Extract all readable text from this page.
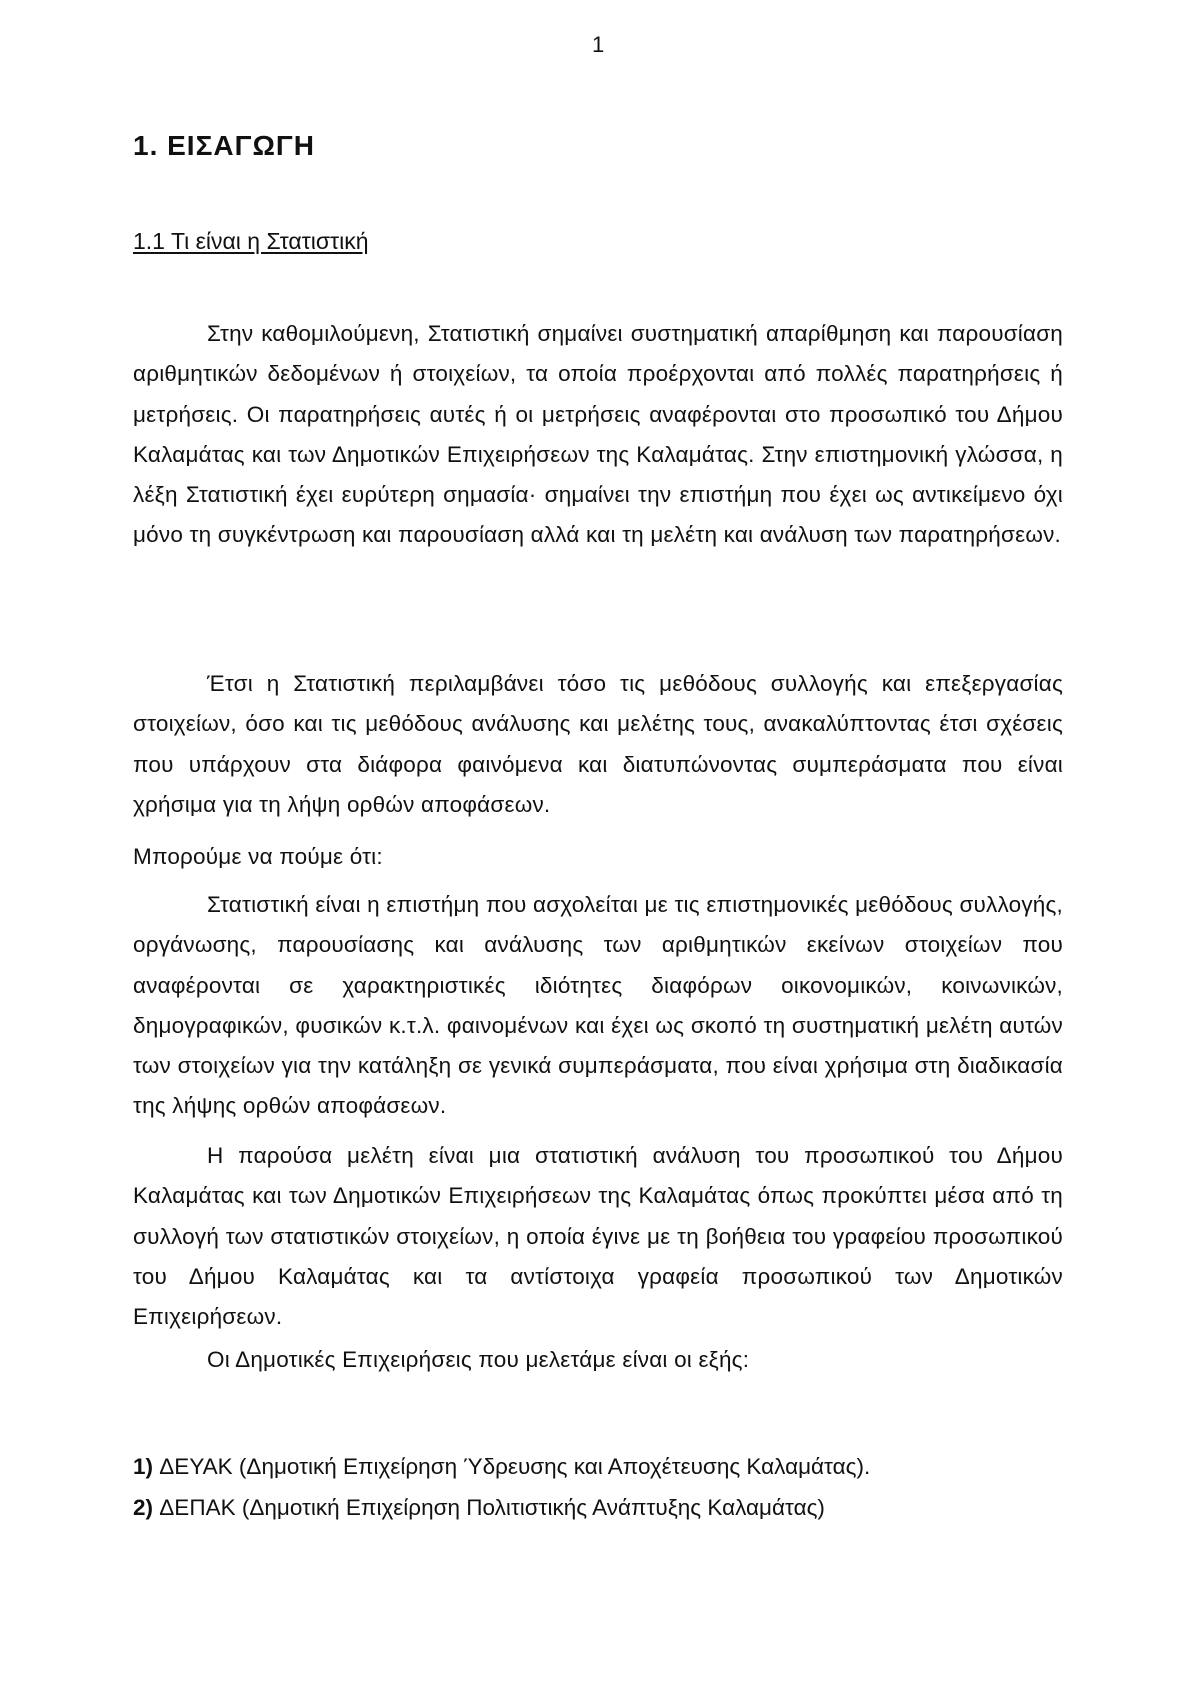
1
1. ΕΙΣΑΓΩΓΗ
1.1 Τι είναι η Στατιστική

Στην καθομιλούμενη, Στατιστική σημαίνει συστηματική απαρίθμηση και παρουσίαση αριθμητικών δεδομένων ή στοιχείων, τα οποία προέρχονται από πολλές παρατηρήσεις ή μετρήσεις. Οι παρατηρήσεις αυτές ή οι μετρήσεις αναφέρονται στο προσωπικό του Δήμου Καλαμάτας και των Δημοτικών Επιχειρήσεων της Καλαμάτας. Στην επιστημονική γλώσσα, η λέξη Στατιστική έχει ευρύτερη σημασία· σημαίνει την επιστήμη που έχει ως αντικείμενο όχι μόνο τη συγκέντρωση και παρουσίαση αλλά και τη μελέτη και ανάλυση των παρατηρήσεων.

Έτσι η Στατιστική περιλαμβάνει τόσο τις μεθόδους συλλογής και επεξεργασίας στοιχείων, όσο και τις μεθόδους ανάλυσης και μελέτης τους, ανακαλύπτοντας έτσι σχέσεις που υπάρχουν στα διάφορα φαινόμενα και διατυπώνοντας συμπεράσματα που είναι χρήσιμα για τη λήψη ορθών αποφάσεων.

Μπορούμε να πούμε ότι:

Στατιστική είναι η επιστήμη που ασχολείται με τις επιστημονικές μεθόδους συλλογής, οργάνωσης, παρουσίασης και ανάλυσης των αριθμητικών εκείνων στοιχείων που αναφέρονται σε χαρακτηριστικές ιδιότητες διαφόρων οικονομικών, κοινωνικών, δημογραφικών, φυσικών κ.τ.λ. φαινομένων και έχει ως σκοπό τη συστηματική μελέτη αυτών των στοιχείων για την κατάληξη σε γενικά συμπεράσματα, που είναι χρήσιμα στη διαδικασία της λήψης ορθών αποφάσεων.

Η παρούσα μελέτη είναι μια στατιστική ανάλυση του προσωπικού του Δήμου Καλαμάτας και των Δημοτικών Επιχειρήσεων της Καλαμάτας όπως προκύπτει μέσα από τη συλλογή των στατιστικών στοιχείων, η οποία έγινε με τη βοήθεια του γραφείου προσωπικού του Δήμου Καλαμάτας και τα αντίστοιχα γραφεία προσωπικού των Δημοτικών Επιχειρήσεων.

Οι Δημοτικές Επιχειρήσεις που μελετάμε είναι οι εξής:

1) ΔΕΥΑΚ (Δημοτική Επιχείρηση Ύδρευσης και Αποχέτευσης Καλαμάτας).
2) ΔΕΠΑΚ (Δημοτική Επιχείρηση Πολιτιστικής Ανάπτυξης Καλαμάτας)
